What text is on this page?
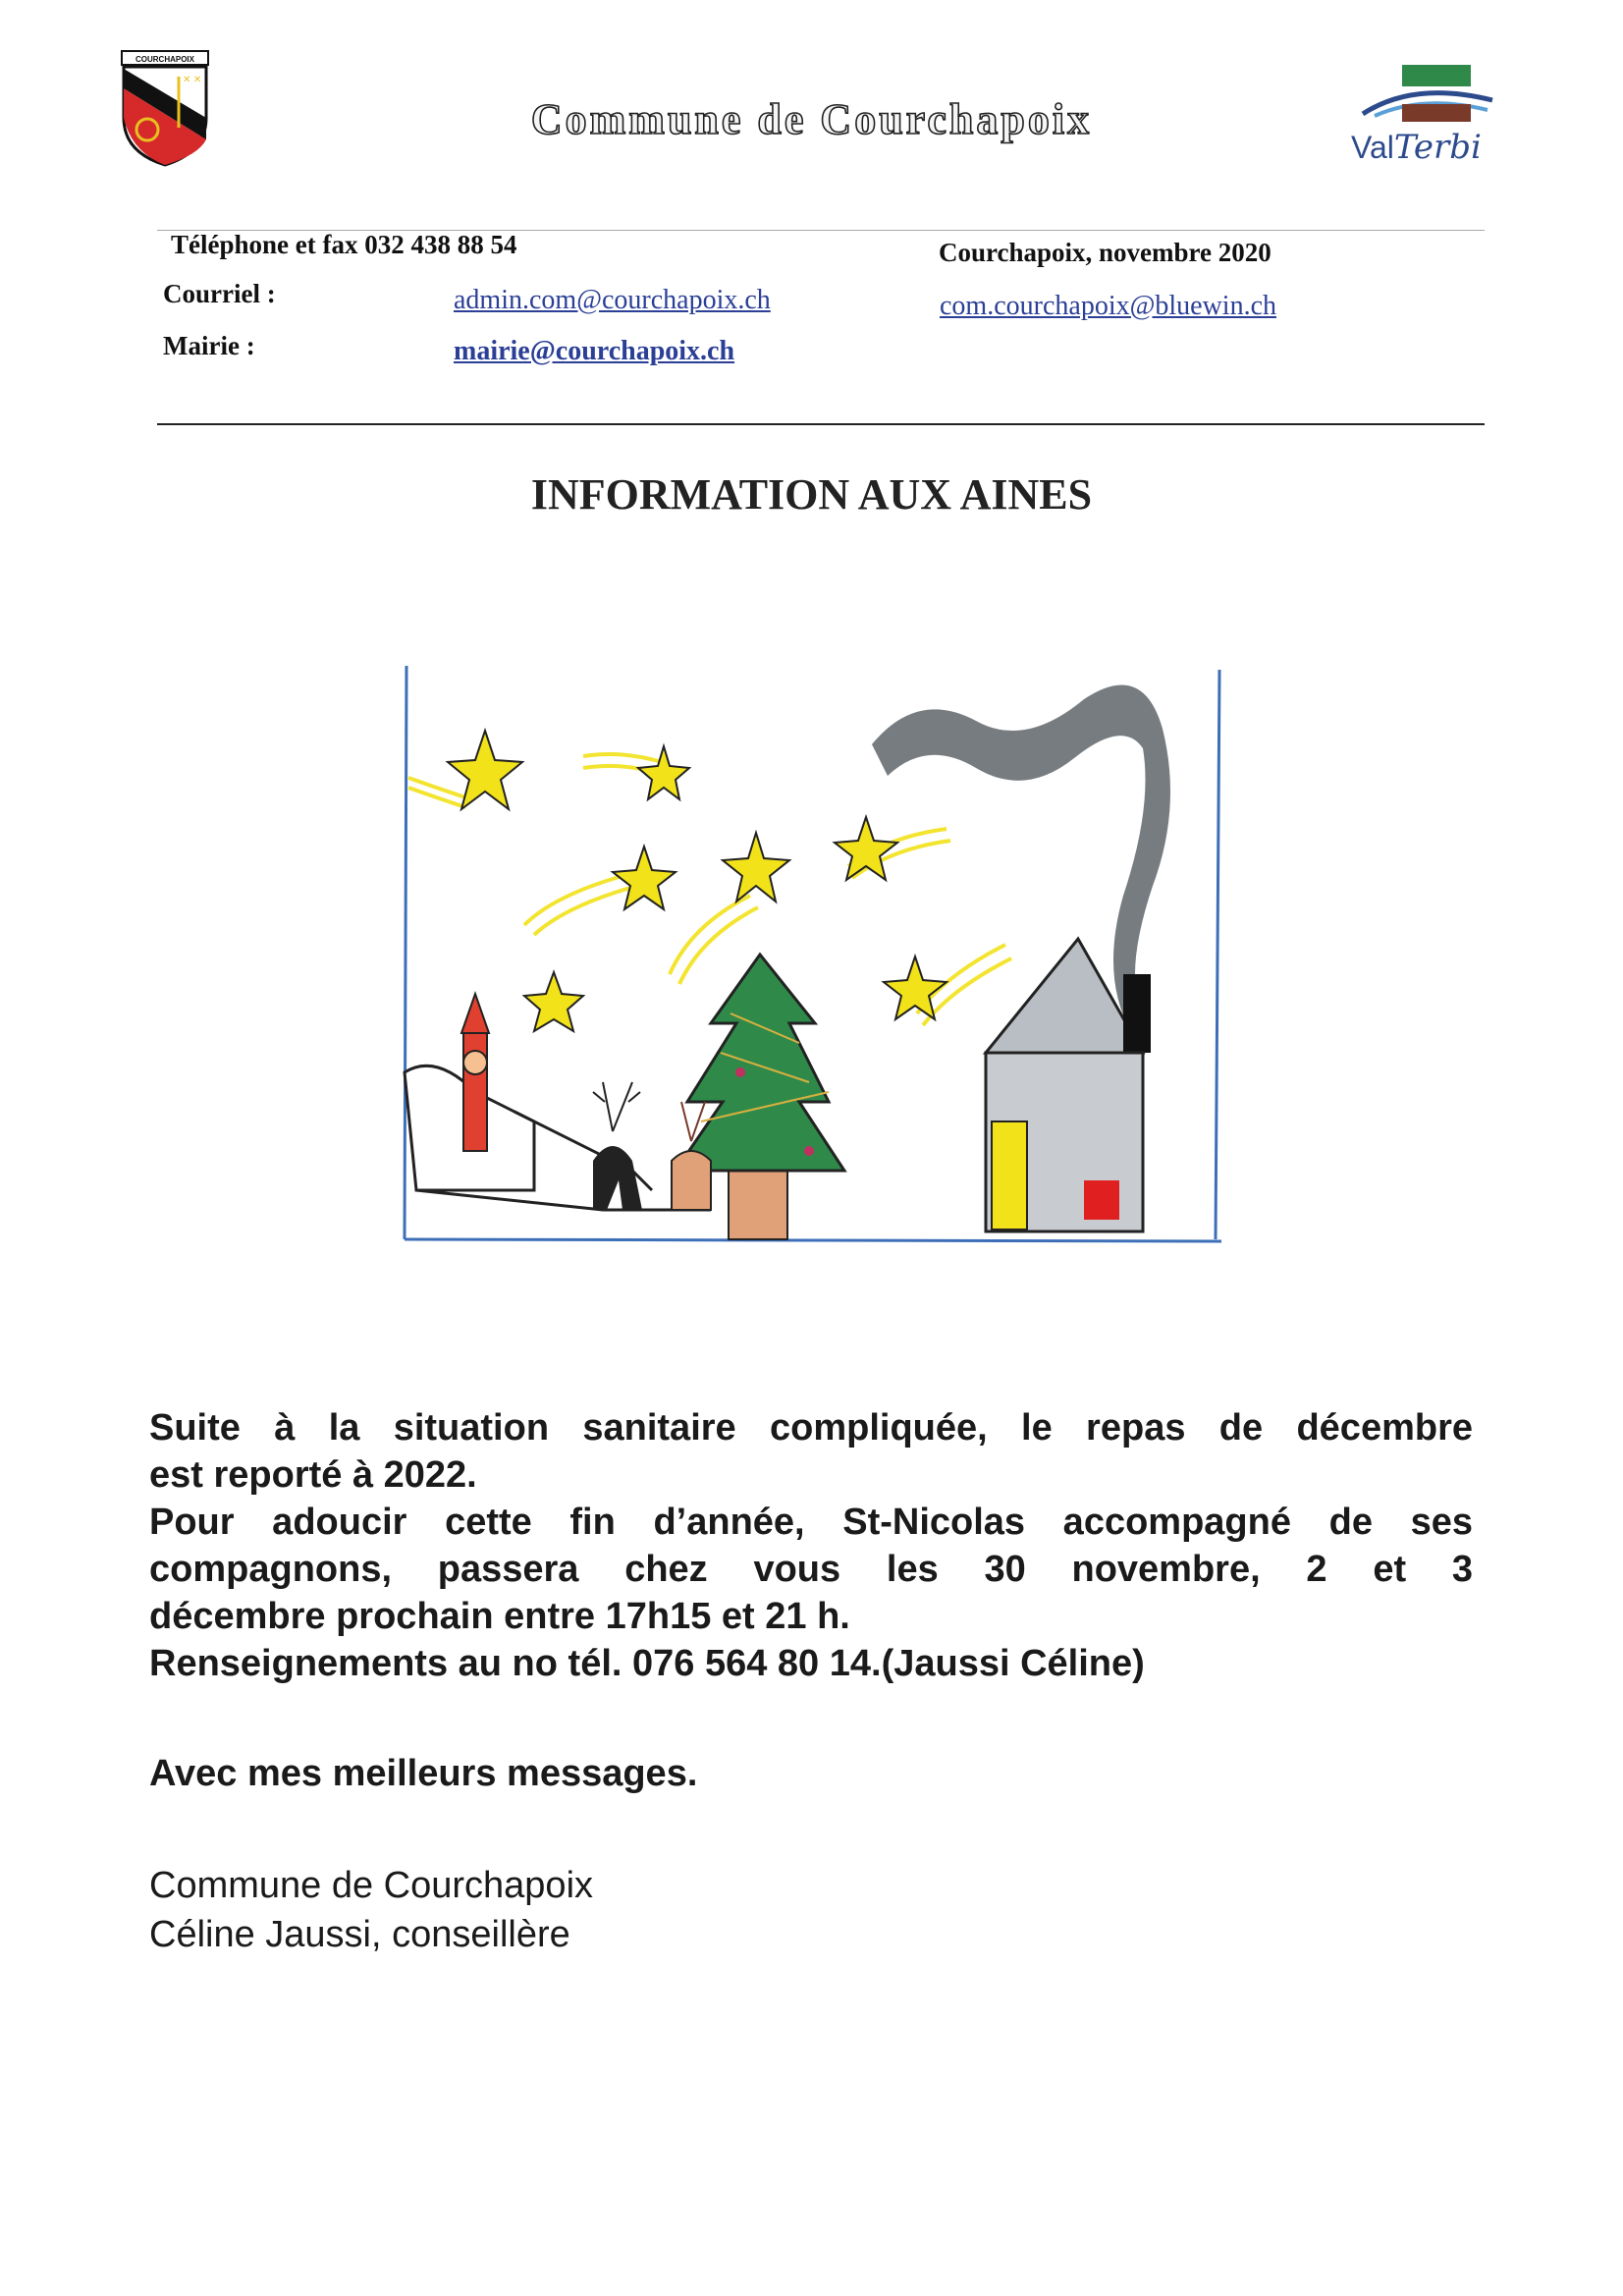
COURCHAPOIX
✕ ✕
Commune de Courchapoix
ValTerbi
Téléphone et fax 032 438 88 54	Courchapoix, novembre 2020
Courriel :	admin.com@courchapoix.ch	com.courchapoix@bluewin.ch
Mairie :	mairie@courchapoix.ch
INFORMATION AUX AINES
Suite à la situation sanitaire compliquée, le repas de décembre
est reporté à 2022.
Pour adoucir cette fin d’année, St-Nicolas accompagné de ses
compagnons, passera chez vous les 30 novembre, 2 et 3
décembre prochain entre 17h15 et 21 h.
Renseignements au no tél. 076 564 80 14.(Jaussi Céline)
Avec mes meilleurs messages.
Commune de Courchapoix
Céline Jaussi, conseillère
